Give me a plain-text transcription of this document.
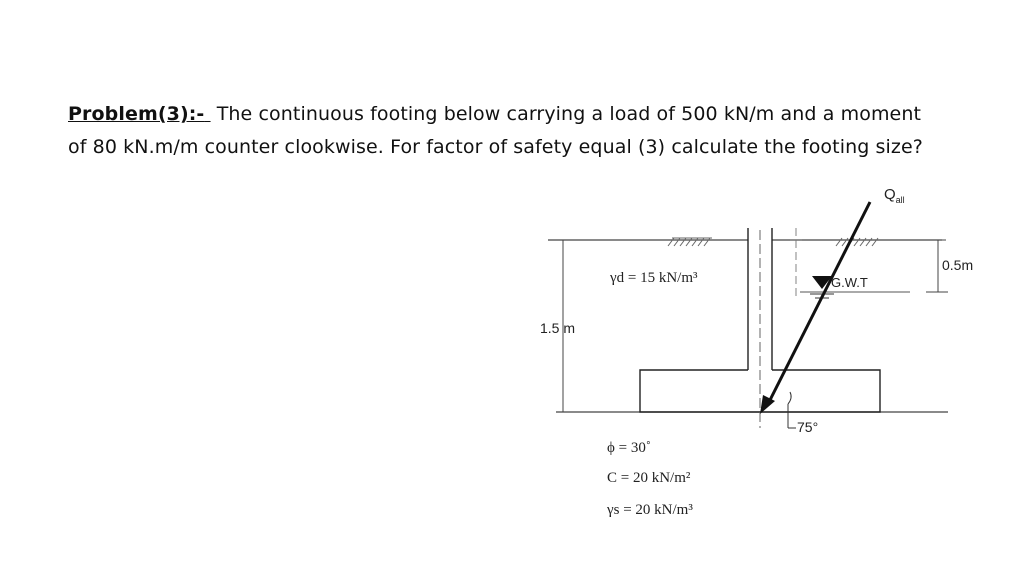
Problem(3):- The continuous footing below carrying a load of 500 kN/m and a moment of 80 kN.m/m counter clookwise. For factor of safety equal (3) calculate the footing size?
1.5 m
0.5m
G.W.T
$Q_{all}$
75°
γd = 15 kN/m³
ϕ = 30˚
C = 20 kN/m²
γs = 20 kN/m³
